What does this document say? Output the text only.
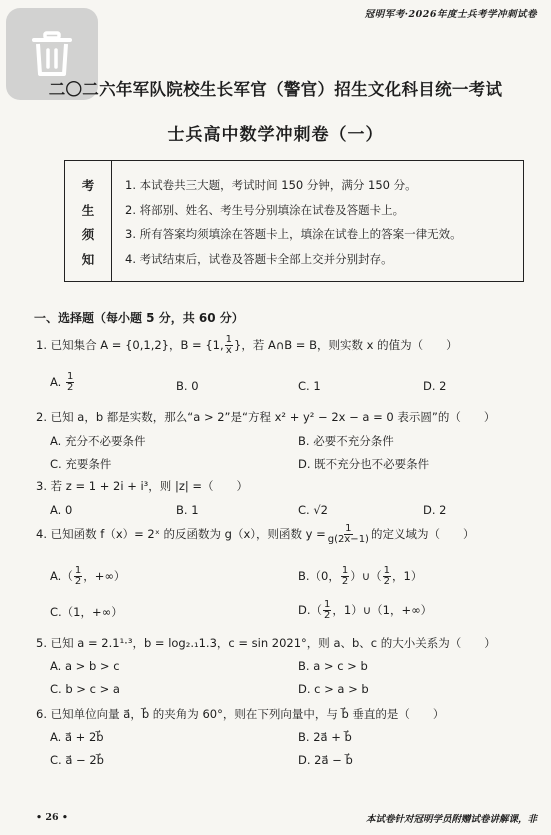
冠明军考·2026年度士兵考学冲刺试卷
二〇二六年军队院校生长军官（警官）招生文化科目统一考试
士兵高中数学冲刺卷（一）
考
生
须
知
1. 本试卷共三大题，考试时间 150 分钟，满分 150 分。
2. 将部别、姓名、考生号分别填涂在试卷及答题卡上。
3. 所有答案均须填涂在答题卡上，填涂在试卷上的答案一律无效。
4. 考试结束后，试卷及答题卡全部上交并分别封存。
一、选择题（每小题 5 分，共 60 分）
1. 已知集合 A = {0,1,2}，B = {1, $\frac{1}{x}$ }，若 A∩B = B，则实数 x 的值为（　　）
A. $\frac{1}{2}$	B. 0	C. 1	D. 2
2. 已知 a，b 都是实数，那么“a > 2”是“方程 x² + y² − 2x − a = 0 表示圆”的（　　）
A. 充分不必要条件	B. 必要不充分条件
C. 充要条件	D. 既不充分也不必要条件
3. 若 z = 1 + 2i + i³，则 |z| =（　　）
A. 0	B. 1	C. √2	D. 2
4. 已知函数 f（x）= 2ˣ 的反函数为 g（x），则函数 $y = \frac{1}{g(2x-1)}$ 的定义域为（　　）
$A.( \frac{1}{2}$ ，+∞）	B.（0， $\frac{1}{2}$ ）∪（ $\frac{1}{2}$ ，1）
C.（1，+∞）	$D.( \frac{1}{2}$ ，1）∪（1，+∞）
5. 已知 a = 2.1¹·³，b = log₂.₁1.3，c = sin 2021°，则 a、b、c 的大小关系为（　　）
A. a > b > c	B. a > c > b
C. b > c > a	D. c > a > b
6. 已知单位向量 a⃗，b⃗ 的夹角为 60°，则在下列向量中，与 b⃗ 垂直的是（　　）
A. a⃗ + 2b⃗	B. 2a⃗ + b⃗
C. a⃗ − 2b⃗	D. 2a⃗ − b⃗
• 26 •	本试卷针对冠明学员附赠试卷讲解课，非
